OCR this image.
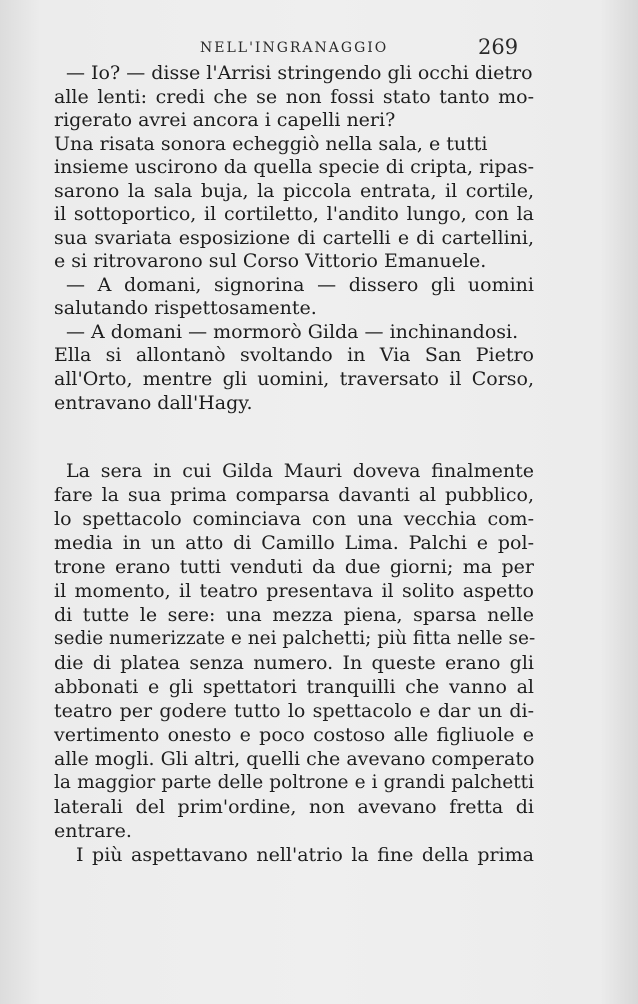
NELL'INGRANAGGIO	269
— Io? — disse l'Arrisi stringendo gli occhi dietro
alle lenti: credi che se non fossi stato tanto mo-
rigerato avrei ancora i capelli neri?
Una risata sonora echeggiò nella sala, e tutti
insieme uscirono da quella specie di cripta, ripas-
sarono la sala buja, la piccola entrata, il cortile,
il sottoportico, il cortiletto, l'andito lungo, con la
sua svariata esposizione di cartelli e di cartellini,
e si ritrovarono sul Corso Vittorio Emanuele.
— A domani, signorina — dissero gli uomini
salutando rispettosamente.
— A domani — mormorò Gilda — inchinandosi.
Ella si allontanò svoltando in Via San Pietro
all'Orto, mentre gli uomini, traversato il Corso,
entravano dall'Hagy.
La sera in cui Gilda Mauri doveva finalmente
fare la sua prima comparsa davanti al pubblico,
lo spettacolo cominciava con una vecchia com-
media in un atto di Camillo Lima. Palchi e pol-
trone erano tutti venduti da due giorni; ma per
il momento, il teatro presentava il solito aspetto
di tutte le sere: una mezza piena, sparsa nelle
sedie numerizzate e nei palchetti; più fitta nelle se-
die di platea senza numero. In queste erano gli
abbonati e gli spettatori tranquilli che vanno al
teatro per godere tutto lo spettacolo e dar un di-
vertimento onesto e poco costoso alle figliuole e
alle mogli. Gli altri, quelli che avevano comperato
la maggior parte delle poltrone e i grandi palchetti
laterali del prim'ordine, non avevano fretta di
entrare.
I più aspettavano nell'atrio la fine della prima
